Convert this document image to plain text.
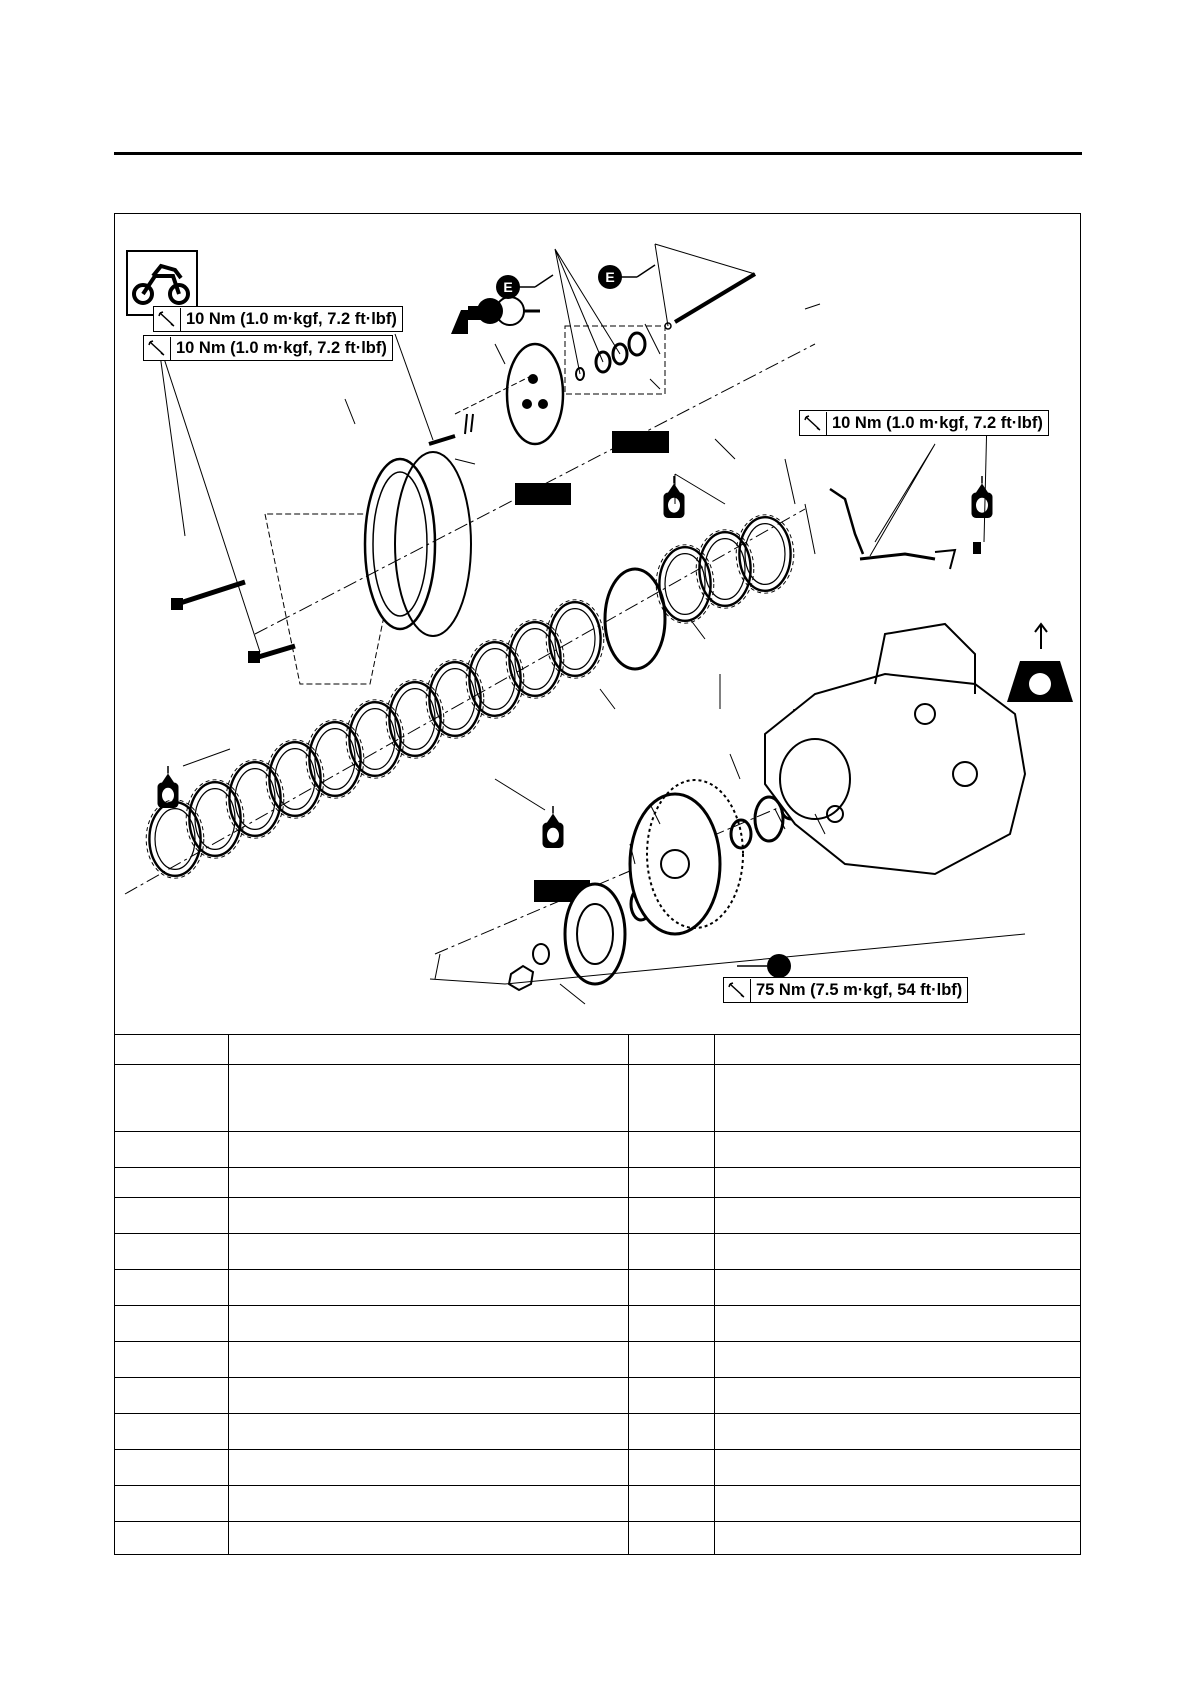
E
E
10 Nm (1.0 m·kgf, 7.2 ft·lbf)
10 Nm (1.0 m·kgf, 7.2 ft·lbf)
10 Nm (1.0 m·kgf, 7.2 ft·lbf)
75 Nm (7.5 m·kgf, 54 ft·lbf)
